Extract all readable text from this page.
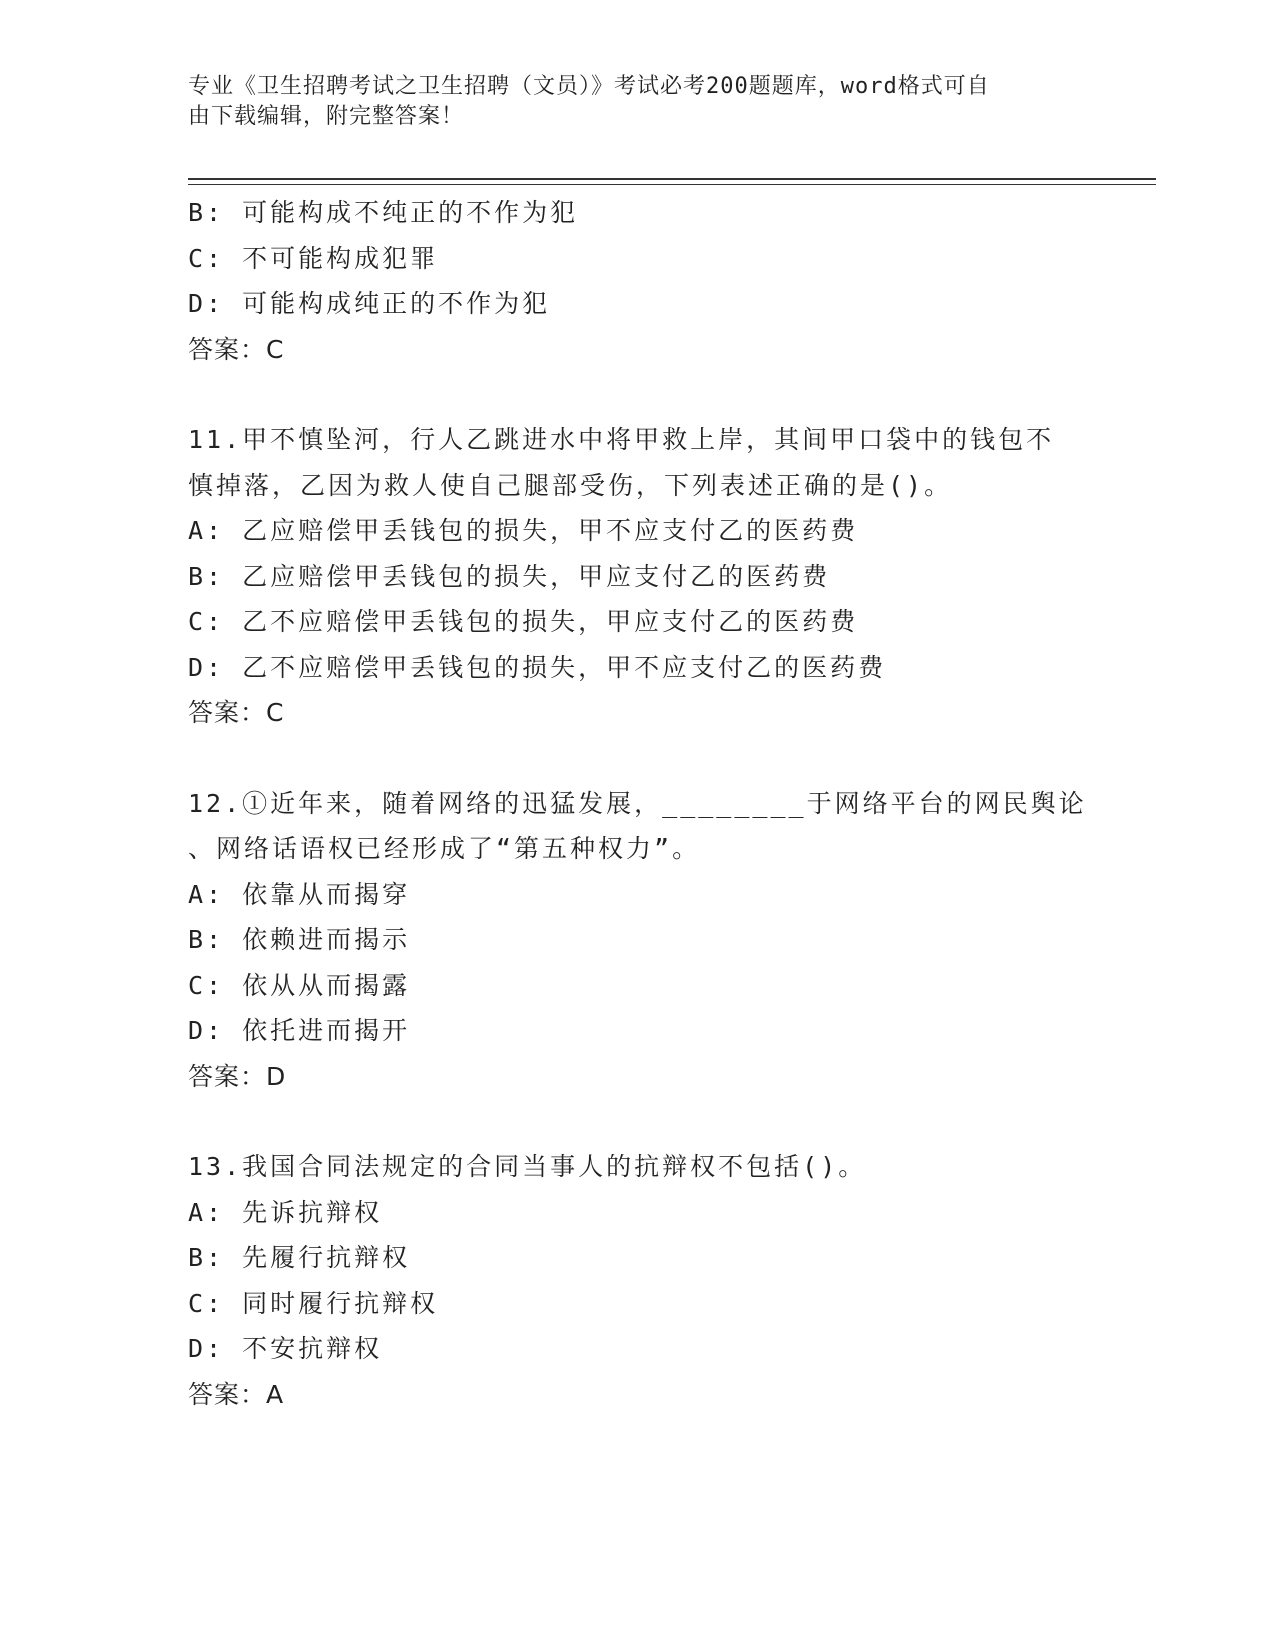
专业《卫生招聘考试之卫生招聘（文员）》考试必考200题题库，word格式可自
由下载编辑，附完整答案！
B: 可能构成不纯正的不作为犯
C: 不可能构成犯罪
D: 可能构成纯正的不作为犯
答案：C
11.甲不慎坠河，行人乙跳进水中将甲救上岸，其间甲口袋中的钱包不
慎掉落，乙因为救人使自己腿部受伤，下列表述正确的是()。
A: 乙应赔偿甲丢钱包的损失，甲不应支付乙的医药费
B: 乙应赔偿甲丢钱包的损失，甲应支付乙的医药费
C: 乙不应赔偿甲丢钱包的损失，甲应支付乙的医药费
D: 乙不应赔偿甲丢钱包的损失，甲不应支付乙的医药费
答案：C
12.①近年来，随着网络的迅猛发展，________于网络平台的网民舆论
、网络话语权已经形成了“第五种权力”。
A: 依靠从而揭穿
B: 依赖进而揭示
C: 依从从而揭露
D: 依托进而揭开
答案：D
13.我国合同法规定的合同当事人的抗辩权不包括()。
A: 先诉抗辩权
B: 先履行抗辩权
C: 同时履行抗辩权
D: 不安抗辩权
答案：A
